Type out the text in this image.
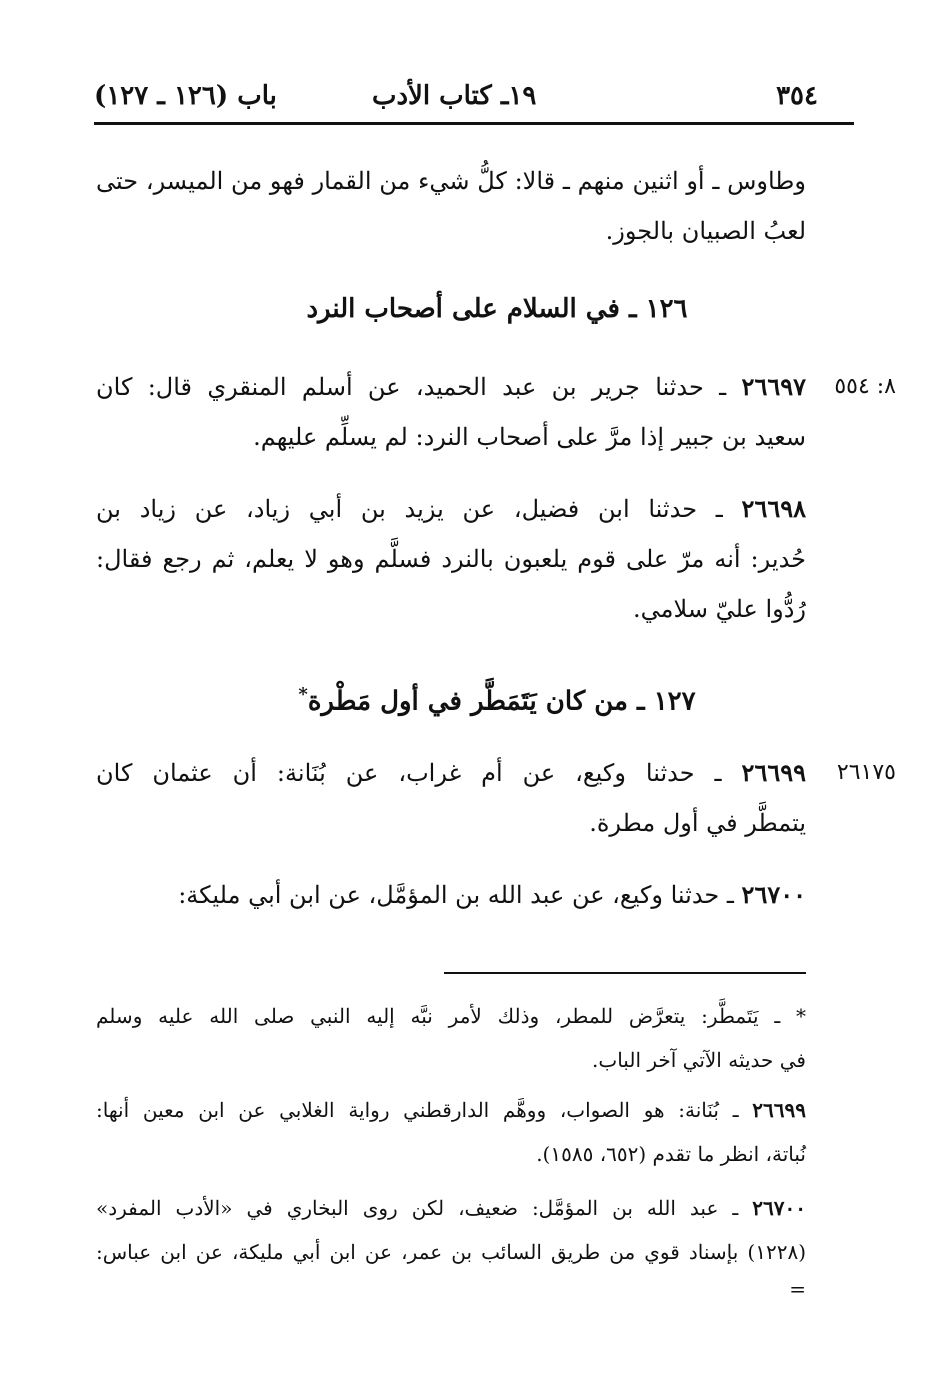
٣٥٤
١٩ـ كتاب الأدب
باب (١٢٦ ـ ١٢٧)
وطاوس ـ أو اثنين منهم ـ قالا: كلُّ شيء من القمار فهو من الميسر، حتى
لعبُ الصبيان بالجوز.
١٢٦ ـ في السلام على أصحاب النرد
٨: ٥٥٤
٢٦٦٩٧ ـ حدثنا جرير بن عبد الحميد، عن أسلم المنقري قال: كان
سعيد بن جبير إذا مرَّ على أصحاب النرد: لم يسلِّم عليهم.
٢٦٦٩٨ ـ حدثنا ابن فضيل، عن يزيد بن أبي زياد، عن زياد بن
حُدير: أنه مرّ على قوم يلعبون بالنرد فسلَّم وهو لا يعلم، ثم رجع فقال:
رُدُّوا عليّ سلامي.
١٢٧ ـ من كان يَتَمَطَّر في أول مَطْرة*
٢٦١٧٥
٢٦٦٩٩ ـ حدثنا وكيع، عن أم غراب، عن بُنَانة: أن عثمان كان
يتمطَّر في أول مطرة.
٢٦٧٠٠ ـ حدثنا وكيع، عن عبد الله بن المؤمَّل، عن ابن أبي مليكة:
* ـ يَتَمطَّر: يتعرَّض للمطر، وذلك لأمر نبَّه إليه النبي صلى الله عليه وسلم
في حديثه الآتي آخر الباب.
٢٦٦٩٩ ـ بُنَانة: هو الصواب، ووهَّم الدارقطني رواية الغلابي عن ابن معين أنها:
نُباتة، انظر ما تقدم (٦٥٢، ١٥٨٥).
٢٦٧٠٠ ـ عبد الله بن المؤمَّل: ضعيف، لكن روى البخاري في «الأدب المفرد»
(١٢٢٨) بإسناد قوي من طريق السائب بن عمر، عن ابن أبي مليكة، عن ابن عباس:
=
